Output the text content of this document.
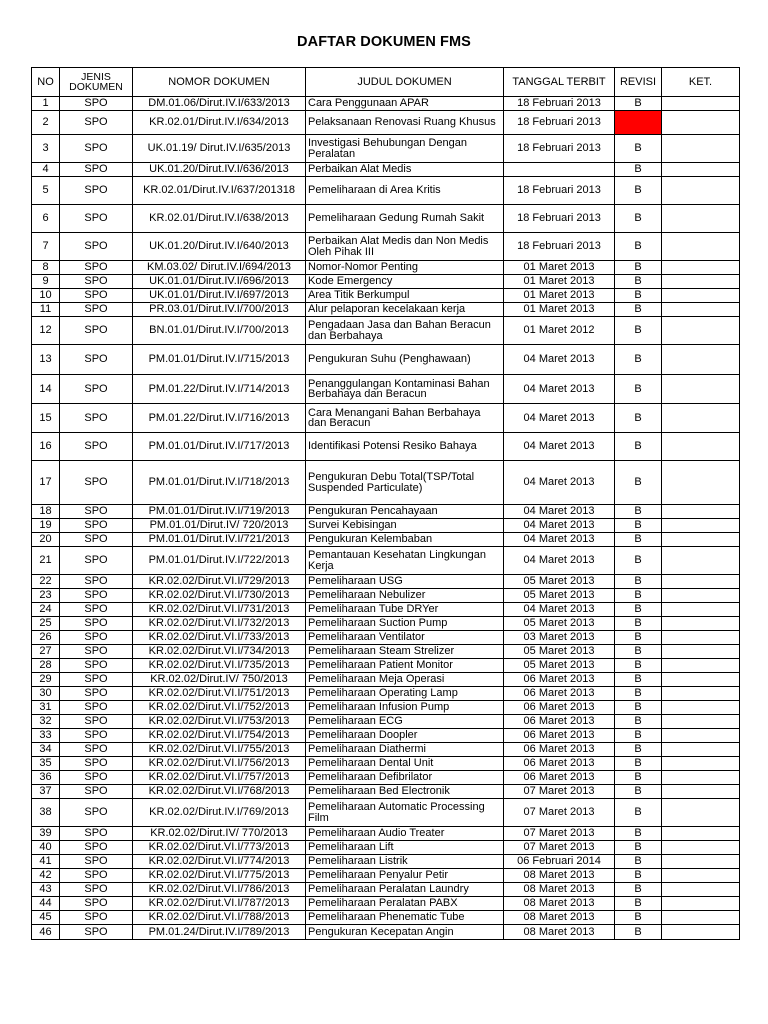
DAFTAR DOKUMEN FMS
NO	JENIS DOKUMEN	NOMOR DOKUMEN	JUDUL DOKUMEN	TANGGAL TERBIT	REVISI	KET.
1	SPO	DM.01.06/Dirut.IV.I/633/2013	Cara Penggunaan APAR	18 Februari 2013	B	
2	SPO	KR.02.01/Dirut.IV.I/634/2013	Pelaksanaan Renovasi Ruang Khusus	18 Februari 2013		
3	SPO	UK.01.19/ Dirut.IV.I/635/2013	Investigasi Behubungan Dengan Peralatan	18 Februari 2013	B	
4	SPO	UK.01.20/Dirut.IV.I/636/2013	Perbaikan Alat Medis		B	
5	SPO	KR.02.01/Dirut.IV.I/637/201318	Pemeliharaan di Area Kritis	18 Februari 2013	B	
6	SPO	KR.02.01/Dirut.IV.I/638/2013	Pemeliharaan Gedung Rumah Sakit	18 Februari 2013	B	
7	SPO	UK.01.20/Dirut.IV.I/640/2013	Perbaikan Alat Medis dan Non Medis Oleh Pihak III	18 Februari 2013	B	
8	SPO	KM.03.02/ Dirut.IV.I/694/2013	Nomor-Nomor Penting	01 Maret 2013	B	
9	SPO	UK.01.01/Dirut.IV.I/696/2013	Kode Emergency	01 Maret 2013	B	
10	SPO	UK.01.01/Dirut.IV.I/697/2013	Area Titik Berkumpul	01 Maret 2013	B	
11	SPO	PR.03.01/Dirut.IV.I/700/2013	Alur pelaporan kecelakaan kerja	01 Maret 2013	B	
12	SPO	BN.01.01/Dirut.IV.I/700/2013	Pengadaan Jasa dan Bahan Beracun dan Berbahaya	01 Maret 2012	B	
13	SPO	PM.01.01/Dirut.IV.I/715/2013	Pengukuran Suhu (Penghawaan)	04 Maret 2013	B	
14	SPO	PM.01.22/Dirut.IV.I/714/2013	Penanggulangan Kontaminasi Bahan Berbahaya dan Beracun	04 Maret 2013	B	
15	SPO	PM.01.22/Dirut.IV.I/716/2013	Cara Menangani Bahan Berbahaya dan Beracun	04 Maret 2013	B	
16	SPO	PM.01.01/Dirut.IV.I/717/2013	Identifikasi Potensi Resiko Bahaya	04 Maret 2013	B	
17	SPO	PM.01.01/Dirut.IV.I/718/2013	Pengukuran Debu Total(TSP/Total Suspended Particulate)	04 Maret 2013	B	
18	SPO	PM.01.01/Dirut.IV.I/719/2013	Pengukuran Pencahayaan	04 Maret 2013	B	
19	SPO	PM.01.01/Dirut.IV/ 720/2013	Survei Kebisingan	04 Maret 2013	B	
20	SPO	PM.01.01/Dirut.IV.I/721/2013	Pengukuran Kelembaban	04 Maret 2013	B	
21	SPO	PM.01.01/Dirut.IV.I/722/2013	Pemantauan Kesehatan Lingkungan Kerja	04 Maret 2013	B	
22	SPO	KR.02.02/Dirut.VI.I/729/2013	Pemeliharaan USG	05 Maret 2013	B	
23	SPO	KR.02.02/Dirut.VI.I/730/2013	Pemeliharaan Nebulizer	05 Maret 2013	B	
24	SPO	KR.02.02/Dirut.VI.I/731/2013	Pemeliharaan Tube DRYer	04 Maret 2013	B	
25	SPO	KR.02.02/Dirut.VI.I/732/2013	Pemeliharaan Suction Pump	05 Maret 2013	B	
26	SPO	KR.02.02/Dirut.VI.I/733/2013	Pemeliharaan Ventilator	03 Maret 2013	B	
27	SPO	KR.02.02/Dirut.VI.I/734/2013	Pemeliharaan Steam Strelizer	05 Maret 2013	B	
28	SPO	KR.02.02/Dirut.VI.I/735/2013	Pemeliharaan Patient Monitor	05 Maret 2013	B	
29	SPO	KR.02.02/Dirut.IV/ 750/2013	Pemeliharaan Meja Operasi	06 Maret 2013	B	
30	SPO	KR.02.02/Dirut.VI.I/751/2013	Pemeliharaan Operating Lamp	06 Maret 2013	B	
31	SPO	KR.02.02/Dirut.VI.I/752/2013	Pemeliharaan Infusion Pump	06 Maret 2013	B	
32	SPO	KR.02.02/Dirut.VI.I/753/2013	Pemeliharaan ECG	06 Maret 2013	B	
33	SPO	KR.02.02/Dirut.VI.I/754/2013	Pemeliharaan Doopler	06 Maret 2013	B	
34	SPO	KR.02.02/Dirut.VI.I/755/2013	Pemeliharaan Diathermi	06 Maret 2013	B	
35	SPO	KR.02.02/Dirut.VI.I/756/2013	Pemeliharaan Dental Unit	06 Maret 2013	B	
36	SPO	KR.02.02/Dirut.VI.I/757/2013	Pemeliharaan Defibrilator	06 Maret 2013	B	
37	SPO	KR.02.02/Dirut.VI.I/768/2013	Pemeliharaan Bed Electronik	07 Maret 2013	B	
38	SPO	KR.02.02/Dirut.IV.I/769/2013	Pemeliharaan Automatic Processing Film	07 Maret 2013	B	
39	SPO	KR.02.02/Dirut.IV/ 770/2013	Pemeliharaan Audio Treater	07 Maret 2013	B	
40	SPO	KR.02.02/Dirut.VI.I/773/2013	Pemeliharaan Lift	07 Maret 2013	B	
41	SPO	KR.02.02/Dirut.VI.I/774/2013	Pemeliharaan Listrik	06 Februari 2014	B	
42	SPO	KR.02.02/Dirut.VI.I/775/2013	Pemeliharaan Penyalur Petir	08 Maret 2013	B	
43	SPO	KR.02.02/Dirut.VI.I/786/2013	Pemeliharaan Peralatan Laundry	08 Maret 2013	B	
44	SPO	KR.02.02/Dirut.VI.I/787/2013	Pemeliharaan Peralatan PABX	08 Maret 2013	B	
45	SPO	KR.02.02/Dirut.VI.I/788/2013	Pemeliharaan Phenematic Tube	08 Maret 2013	B	
46	SPO	PM.01.24/Dirut.IV.I/789/2013	Pengukuran Kecepatan Angin	08 Maret 2013	B	
